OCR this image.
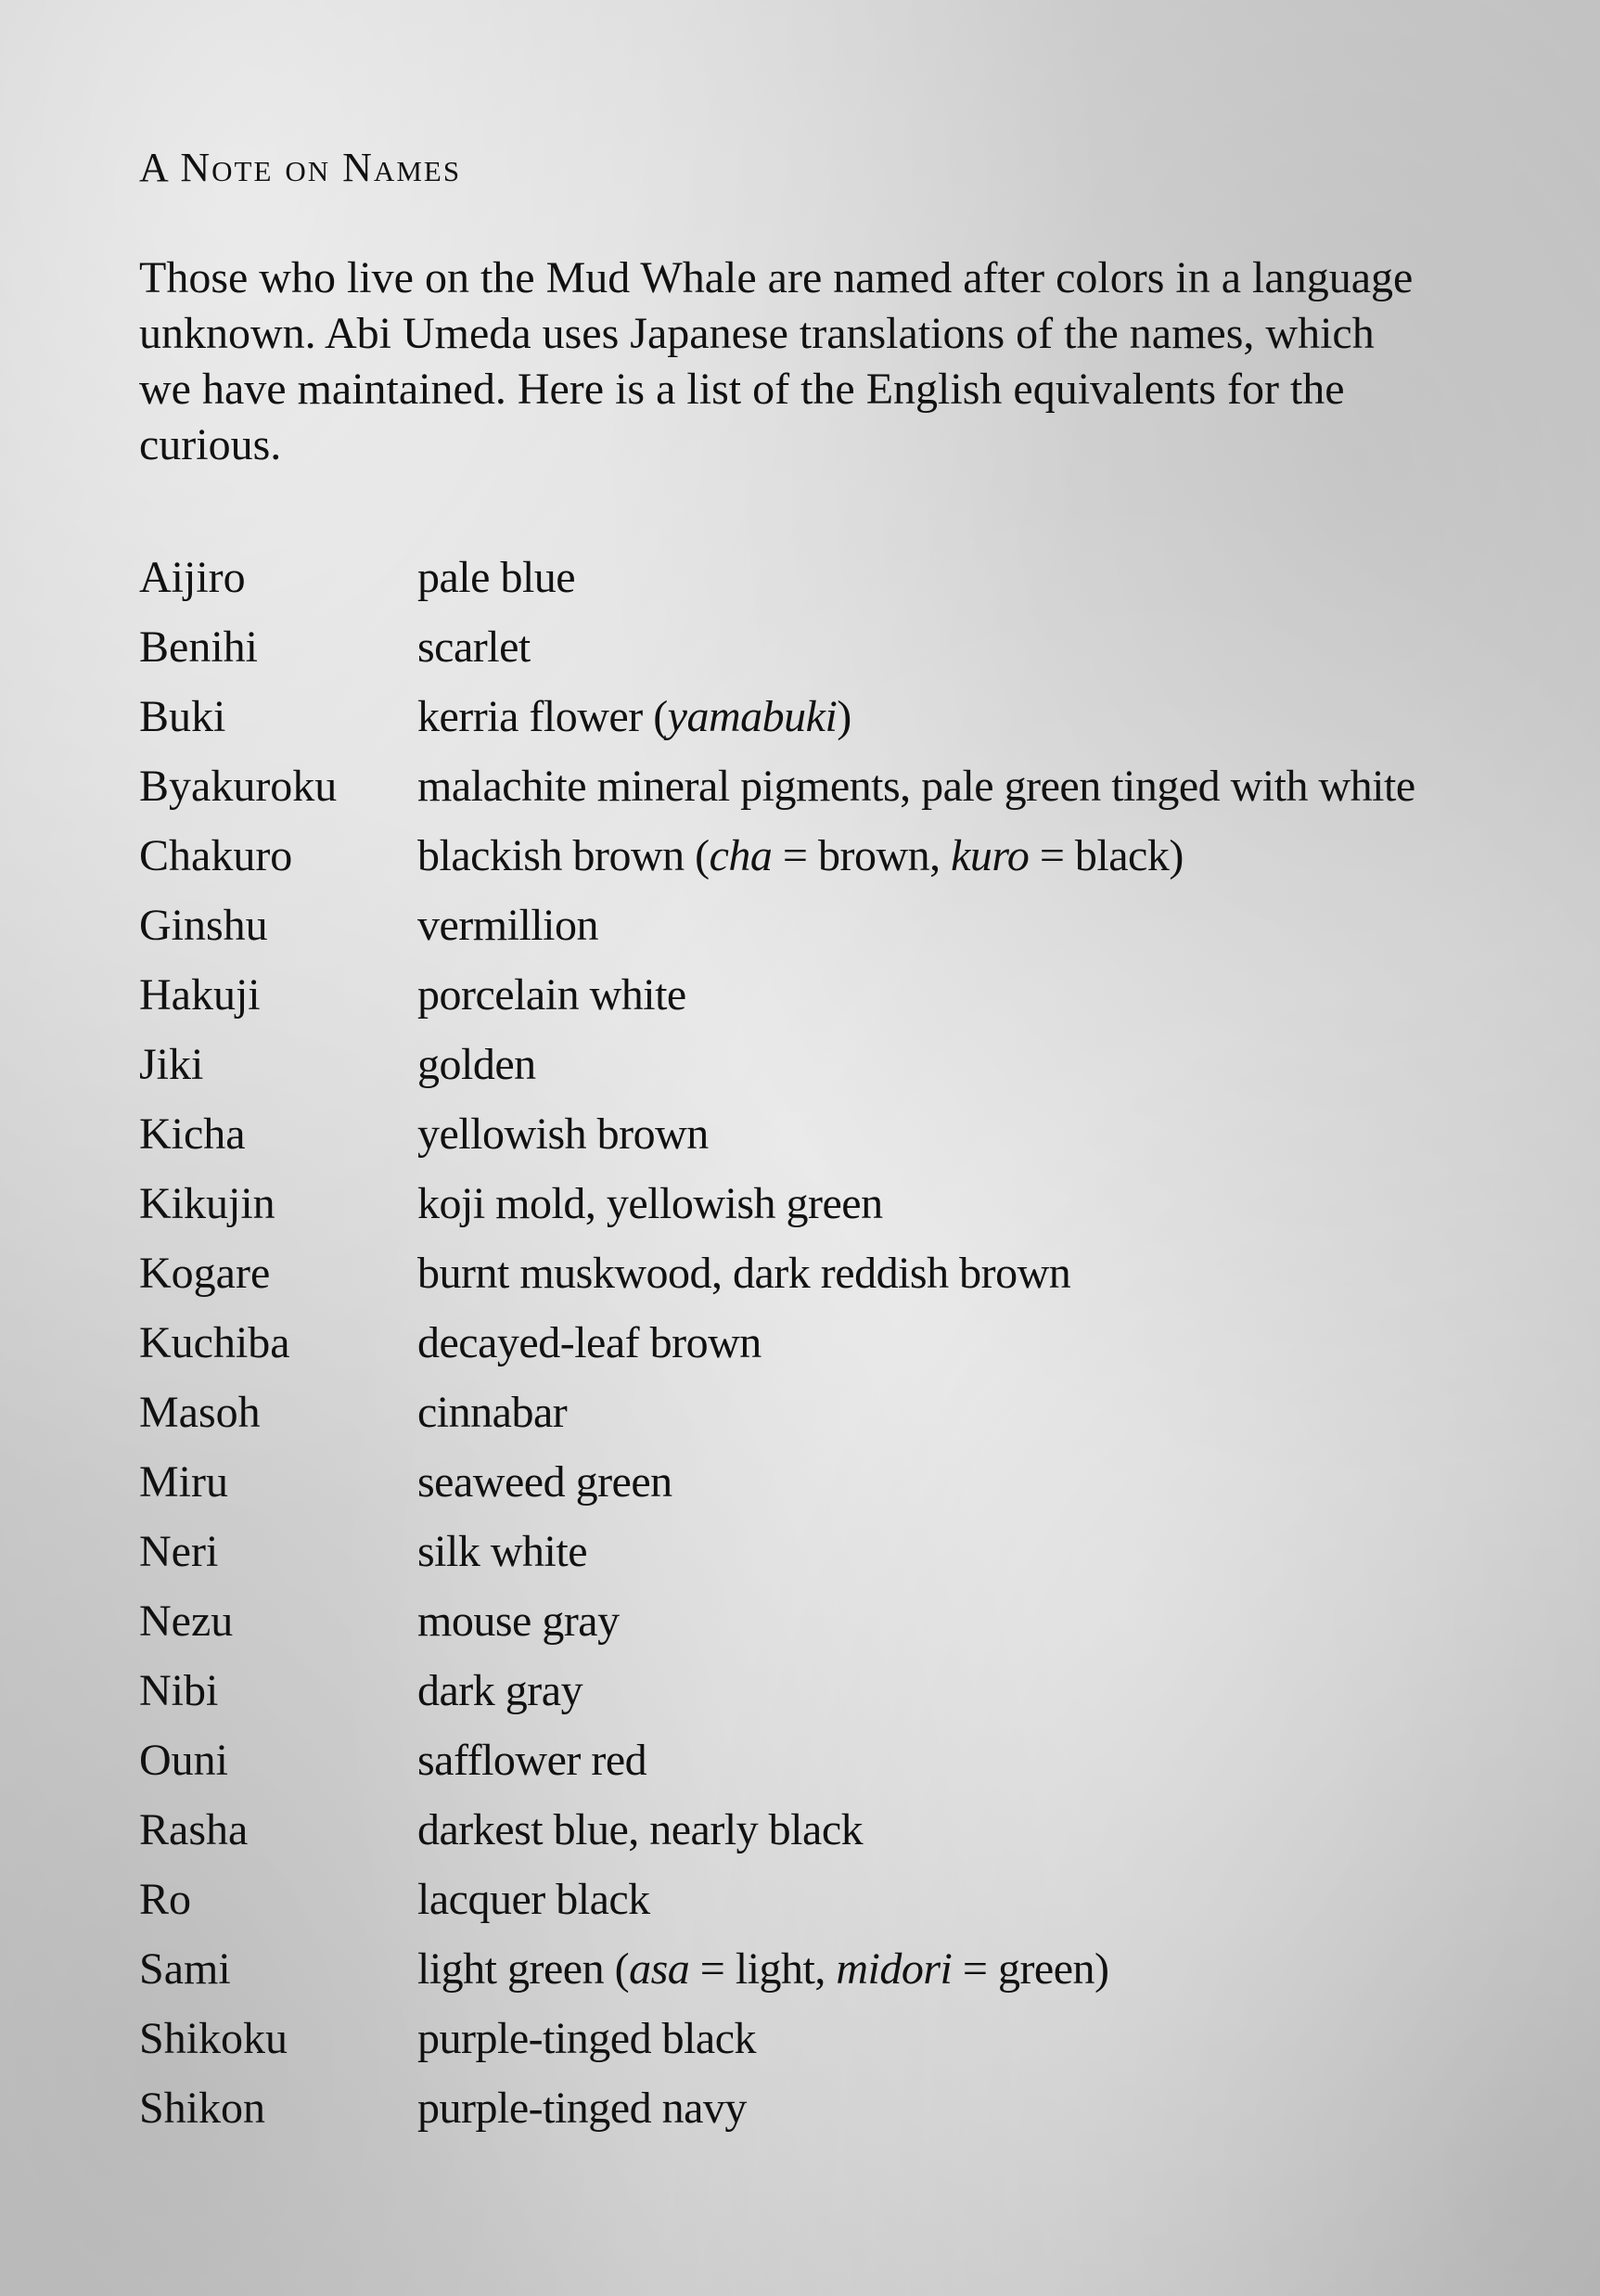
A Note on Names
Those who live on the Mud Whale are named after colors in a language unknown. Abi Umeda uses Japanese translations of the names, which we have maintained. Here is a list of the English equivalents for the curious.
Aijiro	pale blue
Benihi	scarlet
Buki	kerria flower (yamabuki)
Byakuroku	malachite mineral pigments, pale green tinged with white
Chakuro	blackish brown (cha = brown, kuro = black)
Ginshu	vermillion
Hakuji	porcelain white
Jiki	golden
Kicha	yellowish brown
Kikujin	koji mold, yellowish green
Kogare	burnt muskwood, dark reddish brown
Kuchiba	decayed-leaf brown
Masoh	cinnabar
Miru	seaweed green
Neri	silk white
Nezu	mouse gray
Nibi	dark gray
Ouni	safflower red
Rasha	darkest blue, nearly black
Ro	lacquer black
Sami	light green (asa = light, midori = green)
Shikoku	purple-tinged black
Shikon	purple-tinged navy
